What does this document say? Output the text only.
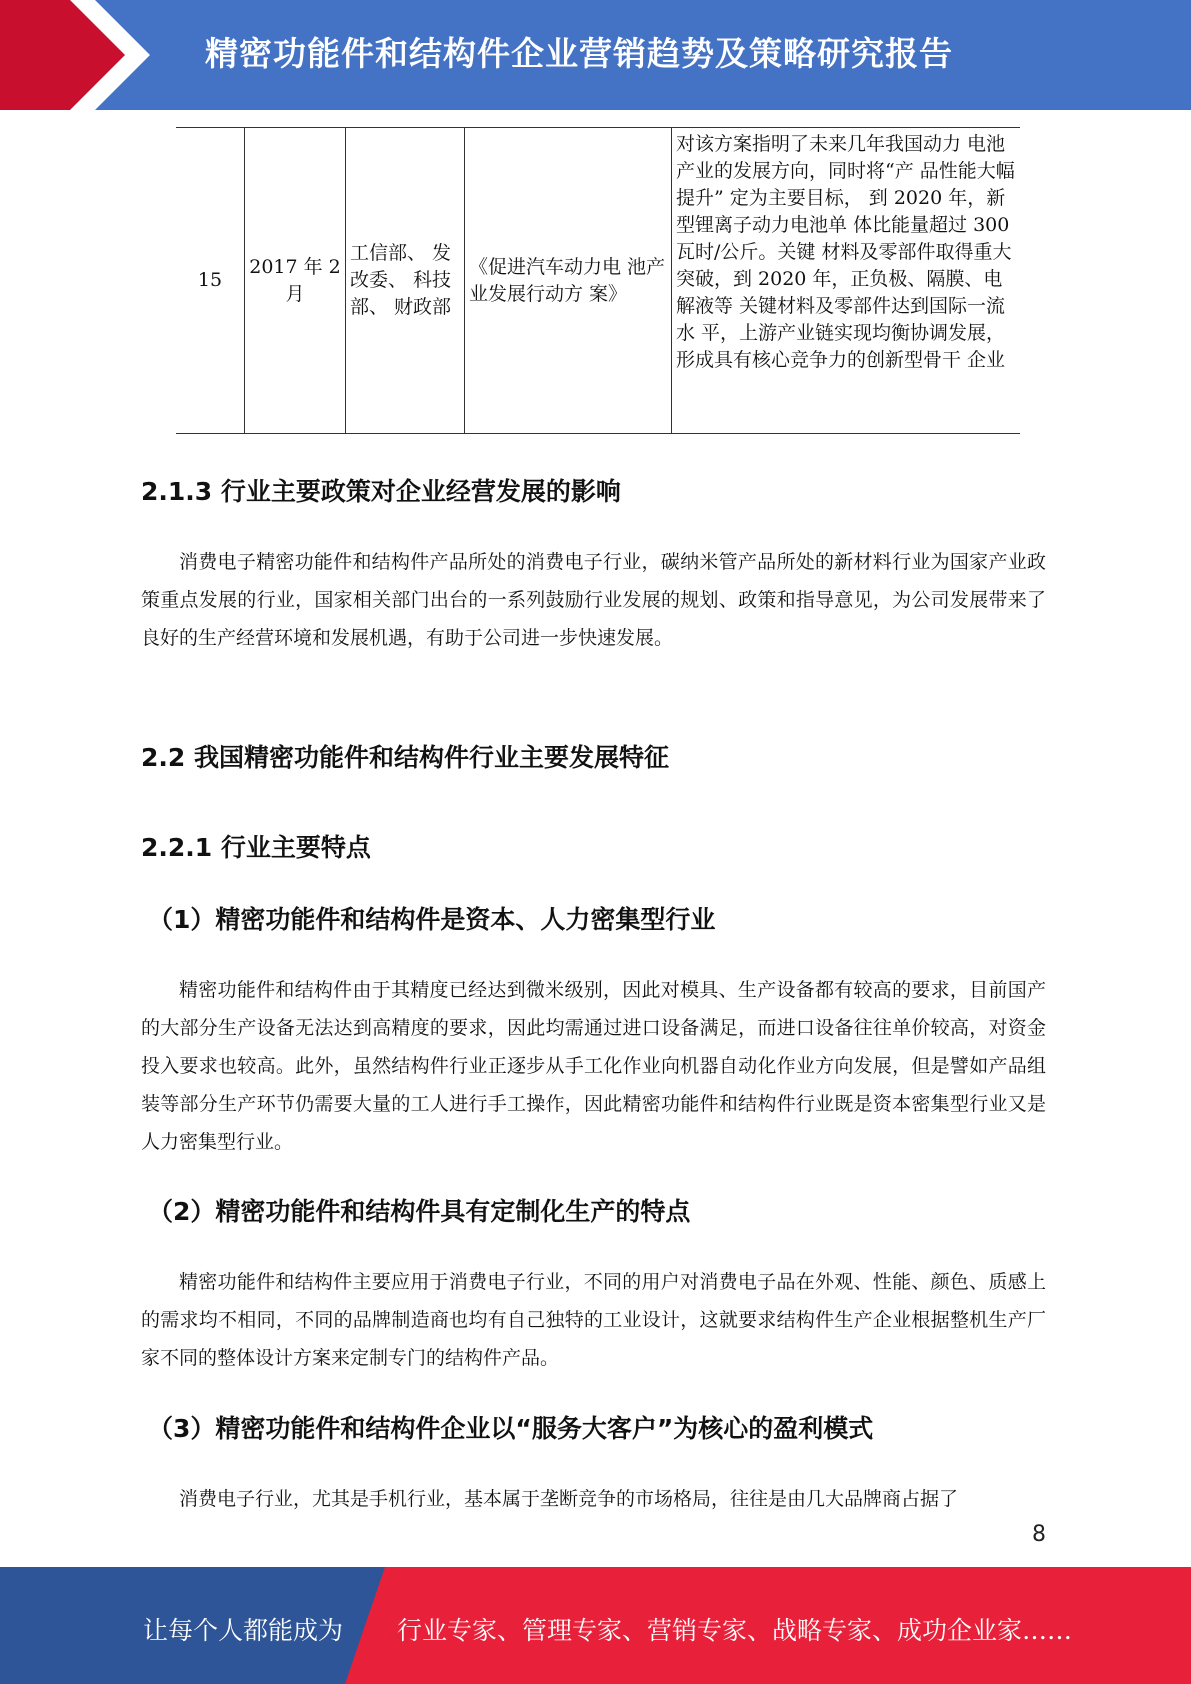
精密功能件和结构件企业营销趋势及策略研究报告
15	2017 年 2月	工信部、 发改委、 科技部、 财政部	《促进汽车动力电 池产业发展行动方 案》	对该方案指明了未来几年我国动力 电池产业的发展方向，同时将“产 品性能大幅提升” 定为主要目标， 到 2020 年，新型锂离子动力电池单 体比能量超过 300 瓦时/公斤。关键 材料及零部件取得重大突破，到 2020 年，正负极、隔膜、电解液等 关键材料及零部件达到国际一流水 平，上游产业链实现均衡协调发展， 形成具有核心竞争力的创新型骨干 企业
2.1.3 行业主要政策对企业经营发展的影响

消费电子精密功能件和结构件产品所处的消费电子行业，碳纳米管产品所处的新材料行业为国家产业政策重点发展的行业，国家相关部门出台的一系列鼓励行业发展的规划、政策和指导意见，为公司发展带来了良好的生产经营环境和发展机遇，有助于公司进一步快速发展。

2.2 我国精密功能件和结构件行业主要发展特征
2.2.1 行业主要特点
（1）精密功能件和结构件是资本、人力密集型行业

精密功能件和结构件由于其精度已经达到微米级别，因此对模具、生产设备都有较高的要求，目前国产的大部分生产设备无法达到高精度的要求，因此均需通过进口设备满足，而进口设备往往单价较高，对资金投入要求也较高。此外，虽然结构件行业正逐步从手工化作业向机器自动化作业方向发展，但是譬如产品组装等部分生产环节仍需要大量的工人进行手工操作，因此精密功能件和结构件行业既是资本密集型行业又是人力密集型行业。

（2）精密功能件和结构件具有定制化生产的特点

精密功能件和结构件主要应用于消费电子行业，不同的用户对消费电子品在外观、性能、颜色、质感上的需求均不相同，不同的品牌制造商也均有自己独特的工业设计，这就要求结构件生产企业根据整机生产厂家不同的整体设计方案来定制专门的结构件产品。

（3）精密功能件和结构件企业以“服务大客户”为核心的盈利模式

消费电子行业，尤其是手机行业，基本属于垄断竞争的市场格局，往往是由几大品牌商占据了

8
让每个人都能成为 行业专家、管理专家、营销专家、战略专家、成功企业家……
